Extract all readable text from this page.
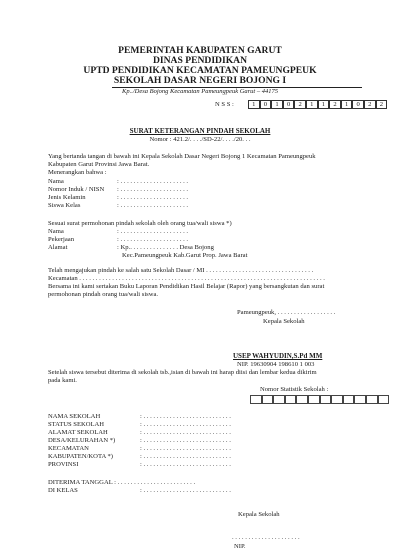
PEMERINTAH KABUPATEN GARUT
DINAS PENDIDIKAN
UPTD PENDIDIKAN KECAMATAN PAMEUNGPEUK
SEKOLAH DASAR NEGERI BOJONG I
Kp../Desa Bojong Kecamatan Pameungpeuk Garut – 44175
N S S :	1	0	1	0	2	1	1	2	1	0	2	2
SURAT KETERANGAN PINDAH SEKOLAH
Nomor : 421.2/. . . ./SD-22/. . . ./20. . .
Yang bertanda tangan di bawah ini Kepala Sekolah Dasar Negeri Bojong 1 Kecamatan Pameungpeuk
Kabupaten Garut Provinsi Jawa Barat.
Menerangkan bahwa :
Nama	: . . . . . . . . . . . . . . . . . . . . .
Nomor Induk / NISN : . . . . . . . . . . . . . . . . . . . . .
Jenis Kelamin	: . . . . . . . . . . . . . . . . . . . . .
Siswa Kelas	: . . . . . . . . . . . . . . . . . . . . .
Sesuai surat permohonan pindah sekolah oleh orang tua/wali siswa *)
Nama	: . . . . . . . . . . . . . . . . . . . . .
Pekerjaan	: . . . . . . . . . . . . . . . . . . . . .
Alamat	: Kp.. . . . . . . . . . . . . . . Desa Bojong
Kec.Pameungpeuk Kab.Garut Prop. Jawa Barat
Telah mengajukan pindah ke salah satu Sekolah Dasar / MI . . . . . . . . . . . . . . . . . . . . . . . . . . . . . . . . .
Kecamatan . . . . . . . . . . . . . . . . . . . . . . . . . . . . . . . . . . . . . . . . . . . . . . . . . . . . . . . . . . . . . . . . . . . . . . . . . . .
Bersama ini kami sertakan Buku Laporan Pendidikan Hasil Belajar (Rapor) yang bersangkutan dan surat
permohonan pindah orang tua/wali siswa.
Pameungpeuk, . . . . . . . . . . . . . . . . . .
Kepala Sekolah
USEP WAHYUDIN,S.Pd MM
NIP. 19630904 198610 1 003
Setelah siswa tersebut diterima di sekolah tsb.,isian di bawah ini harap diisi dan lembar kedua dikirim
pada kami.
Nomor Statistik Sekolah :
NAMA SEKOLAH	: . . . . . . . . . . . . . . . . . . . . . . . . . . .
STATUS SEKOLAH	: . . . . . . . . . . . . . . . . . . . . . . . . . . .
ALAMAT SEKOLAH	: . . . . . . . . . . . . . . . . . . . . . . . . . . .
DESA/KELURAHAN *)	: . . . . . . . . . . . . . . . . . . . . . . . . . . .
KECAMATAN	: . . . . . . . . . . . . . . . . . . . . . . . . . . .
KABUPATEN/KOTA *)	: . . . . . . . . . . . . . . . . . . . . . . . . . . .
PROVINSI	: . . . . . . . . . . . . . . . . . . . . . . . . . . .
DITERIMA TANGGAL : . . . . . . . . . . . . . . . . . . . . . . . .
DI KELAS	: . . . . . . . . . . . . . . . . . . . . . . . . . . .
Kepala Sekolah
. . . . . . . . . . . . . . . . . . . . .
NIP.
